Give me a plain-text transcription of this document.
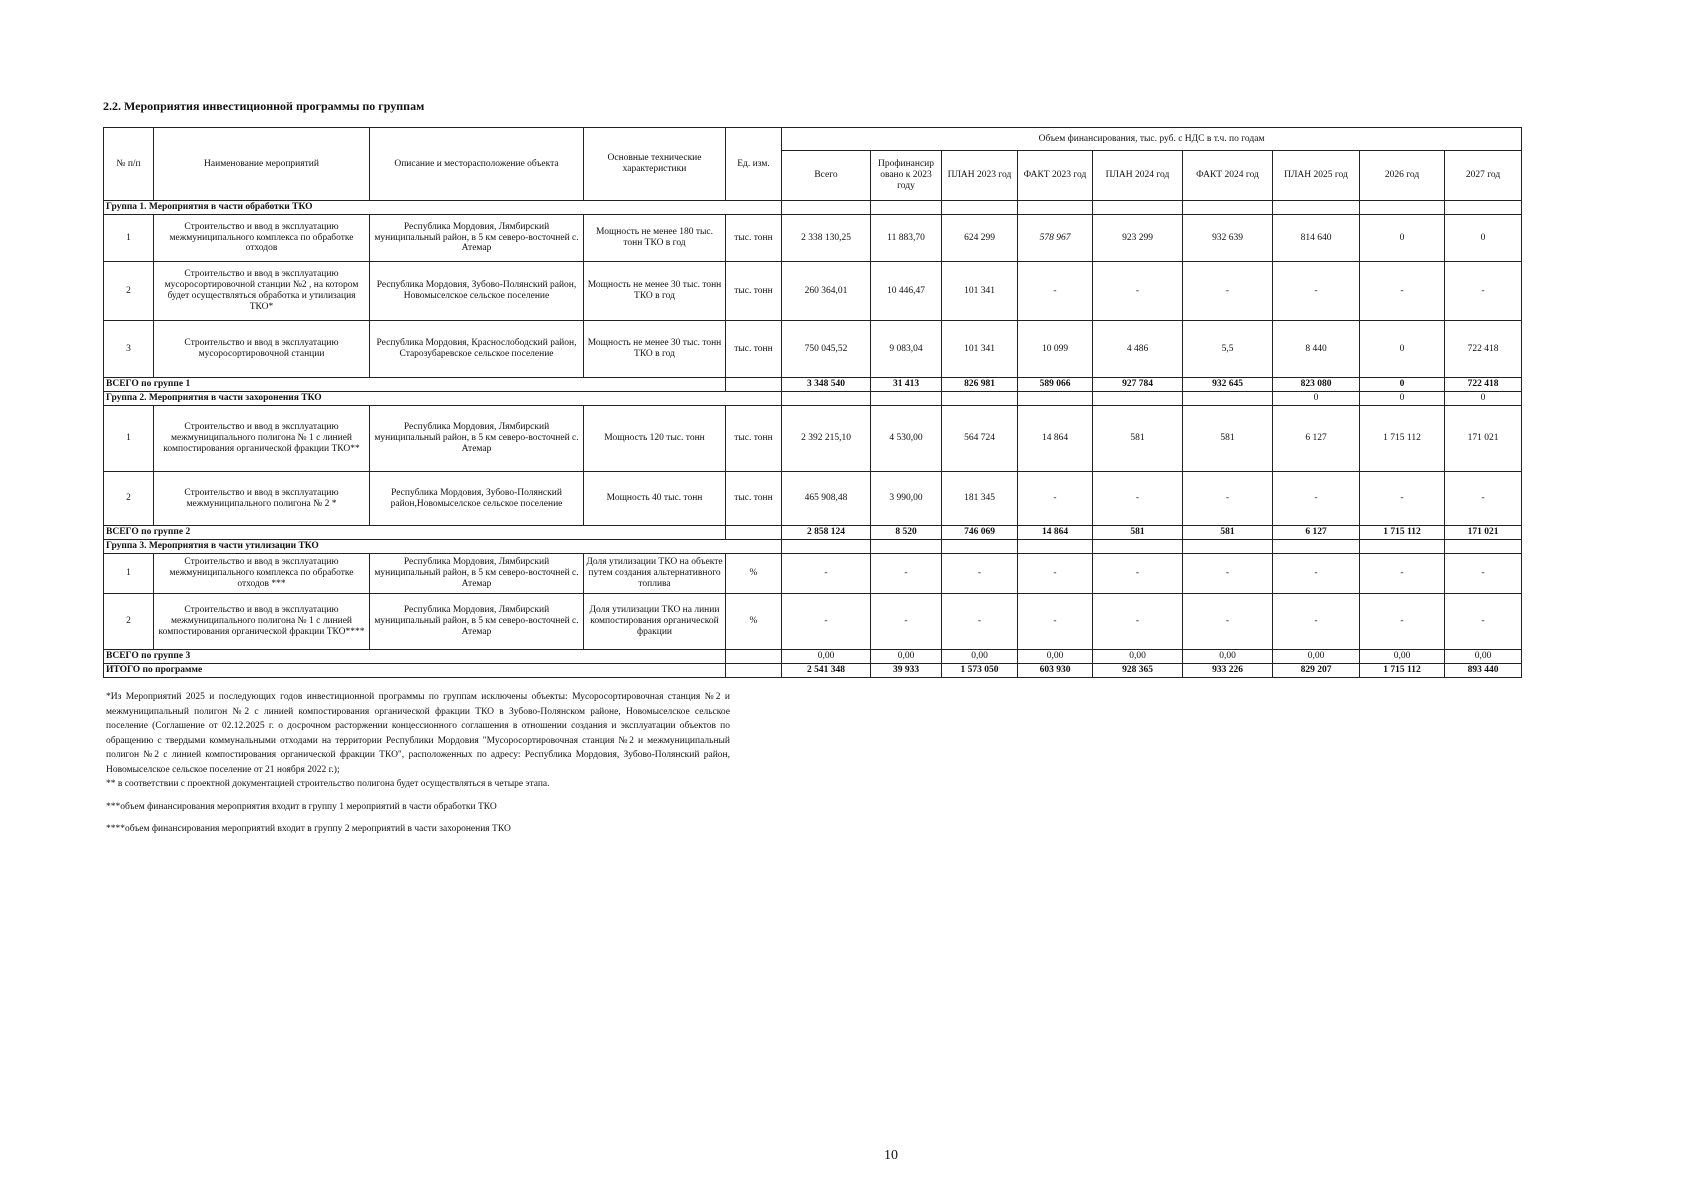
2.2. Мероприятия инвестиционной программы по группам
№ п/п	Наименование мероприятий	Описание и месторасположение объекта	Основные технические характеристики	Ед. изм.	Объем финансирования, тыс. руб. с НДС в т.ч. по годам								
					Всего	Профинансир овано к 2023 году	ПЛАН 2023 год	ФАКТ 2023 год	ПЛАН 2024 год	ФАКТ 2024 год	ПЛАН 2025 год	2026 год	2027 год
Группа 1. Мероприятия в части обработки ТКО													
1	Строительство и ввод в эксплуатацию межмуниципального комплекса по обработке отходов	Республика Мордовия, Лямбирский муниципальный район, в 5 км северо-восточней с. Атемар	Мощность не менее 180 тыс. тонн ТКО в год	тыс. тонн	2 338 130,25	11 883,70	624 299	578 967	923 299	932 639	814 640	0	0
2	Строительство и ввод в эксплуатацию мусоросортировочной станции №2 , на котором будет осуществляться обработка и утилизация ТКО*	Республика Мордовия, Зубово-Полянский район, Новомыселское сельское поселение	Мощность не менее 30 тыс. тонн ТКО в год	тыс. тонн	260 364,01	10 446,47	101 341	-	-	-	-	-	-
3	Строительство и ввод в эксплуатацию мусоросортировочной станции	Республика Мордовия, Краснослободский район, Старозубаревское сельское поселение	Мощность не менее 30 тыс. тонн ТКО в год	тыс. тонн	750 045,52	9 083,04	101 341	10 099	4 486	5,5	8 440	0	722 418
ВСЕГО по группе 1					3 348 540	31 413	826 981	589 066	927 784	932 645	823 080	0	722 418
Группа 2. Мероприятия в части захоронения ТКО											0	0	0
1	Строительство и ввод в эксплуатацию межмуниципального полигона № 1 с линией компостирования органической фракции ТКО**	Республика Мордовия, Лямбирский муниципальный район, в 5 км северо-восточней с. Атемар	Мощность 120 тыс. тонн	тыс. тонн	2 392 215,10	4 530,00	564 724	14 864	581	581	6 127	1 715 112	171 021
2	Строительство и ввод в эксплуатацию межмуниципального полигона № 2 *	Республика Мордовия, Зубово-Полянский район,Новомыселское сельское поселение	Мощность 40 тыс. тонн	тыс. тонн	465 908,48	3 990,00	181 345	-	-	-	-	-	-
ВСЕГО по группе 2					2 858 124	8 520	746 069	14 864	581	581	6 127	1 715 112	171 021
Группа 3. Мероприятия в части утилизации ТКО													
1	Строительство и ввод в эксплуатацию межмуниципального комплекса по обработке отходов ***	Республика Мордовия, Лямбирский муниципальный район, в 5 км северо-восточней с. Атемар	Доля утилизации ТКО на объекте путем создания альтернативного топлива	%	-	-	-	-	-	-	-	-	-
2	Строительство и ввод в эксплуатацию межмуниципального полигона № 1 с линией компостирования органической фракции ТКО****	Республика Мордовия, Лямбирский муниципальный район, в 5 км северо-восточней с. Атемар	Доля утилизации ТКО на линии компостирования органической фракции	%	-	-	-	-	-	-	-	-	-
ВСЕГО по группе 3					0,00	0,00	0,00	0,00	0,00	0,00	0,00	0,00	0,00
ИТОГО по программе					2 541 348	39 933	1 573 050	603 930	928 365	933 226	829 207	1 715 112	893 440

*Из Мероприятий 2025 и последующих годов инвестиционной программы по группам исключены объекты: Мусоросортировочная станция №2 и межмуниципальный полигон №2 с линией компостирования органической фракции ТКО в Зубово-Полянском районе, Новомыселское сельское поселение (Соглашение от 02.12.2025 г. о досрочном расторжении концессионного соглашения в отношении создания и эксплуатации объектов по обращению с твердыми коммунальными отходами на территории Республики Мордовия "Мусоросортировочная станция №2 и межмуниципальный полигон №2 с линией компостирования органической фракции ТКО", расположенных по адресу: Республика Мордовия, Зубово-Полянский район, Новомыселское сельское поселение от 21 ноября 2022 г.);

** в соответствии с проектной документацией строительство полигона будет осуществляться в четыре этапа.

***объем финансирования мероприятия входит в группу 1 мероприятий в части обработки ТКО

****объем финансирования мероприятий входит в группу 2 мероприятий в части захоронения ТКО

10
